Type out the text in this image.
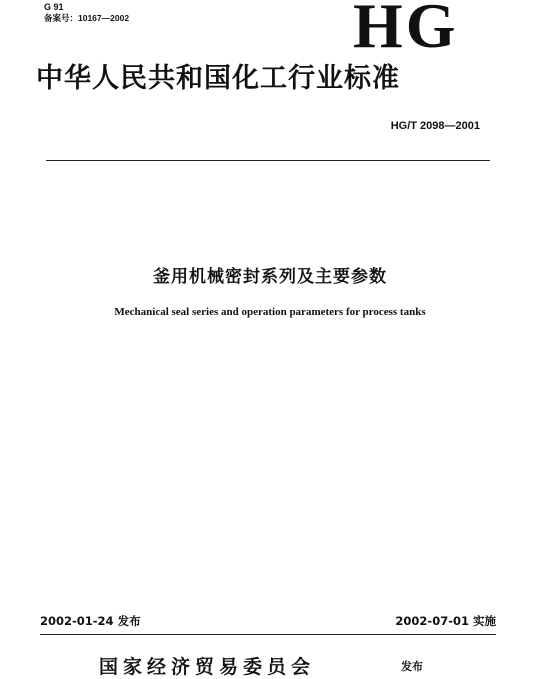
G 91
备案号：10167—2002	HG
中华人民共和国化工行业标准
HG/T 2098—2001
釜用机械密封系列及主要参数
Mechanical seal series and operation parameters for process tanks
2002-01-24 发布	2002-07-01 实施
国家经济贸易委员会	发布
